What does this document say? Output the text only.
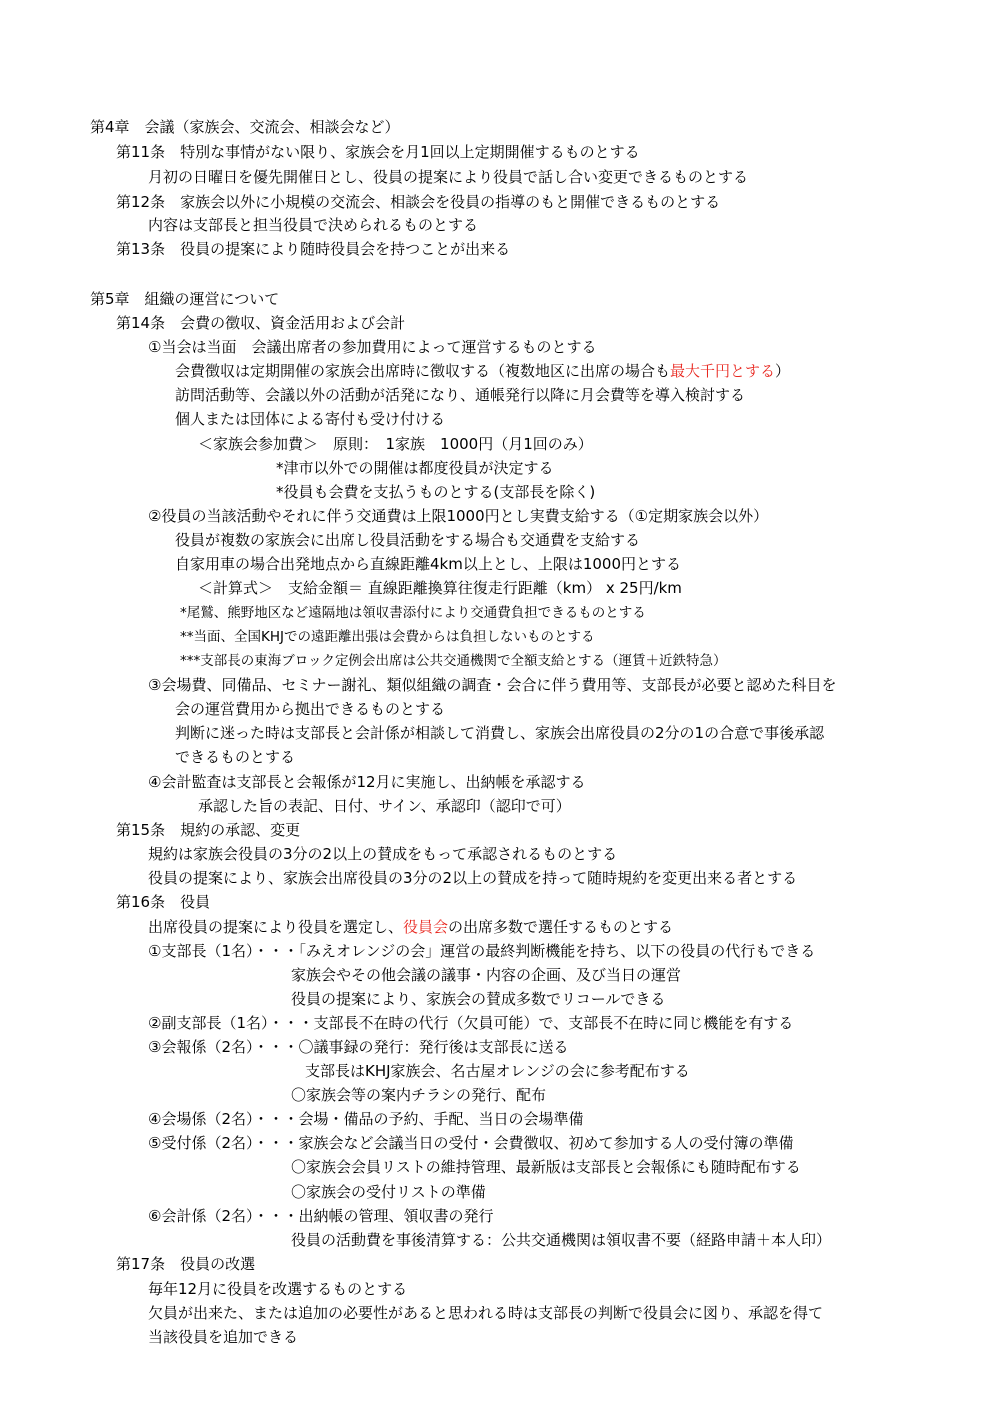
第4章　会議（家族会、交流会、相談会など）
第11条　特別な事情がない限り、家族会を月1回以上定期開催するものとする
月初の日曜日を優先開催日とし、役員の提案により役員で話し合い変更できるものとする
第12条　家族会以外に小規模の交流会、相談会を役員の指導のもと開催できるものとする
内容は支部長と担当役員で決められるものとする
第13条　役員の提案により随時役員会を持つことが出来る
第5章　組織の運営について
第14条　会費の徴収、資金活用および会計
①当会は当面　会議出席者の参加費用によって運営するものとする
会費徴収は定期開催の家族会出席時に徴収する（複数地区に出席の場合も最大千円とする）
訪問活動等、会議以外の活動が活発になり、通帳発行以降に月会費等を導入検討する
個人または団体による寄付も受け付ける
＜家族会参加費＞　原則：　1家族　1000円（月1回のみ）
*津市以外での開催は都度役員が決定する
*役員も会費を支払うものとする(支部長を除く)
②役員の当該活動やそれに伴う交通費は上限1000円とし実費支給する（①定期家族会以外）
役員が複数の家族会に出席し役員活動をする場合も交通費を支給する
自家用車の場合出発地点から直線距離4km以上とし、上限は1000円とする
＜計算式＞　支給金額＝ 直線距離換算往復走行距離（km） x 25円/km
*尾鷲、熊野地区など遠隔地は領収書添付により交通費負担できるものとする
**当面、全国KHJでの遠距離出張は会費からは負担しないものとする
***支部長の東海ブロック定例会出席は公共交通機関で全額支給とする（運賃＋近鉄特急）
③会場費、同備品、セミナー謝礼、類似組織の調査・会合に伴う費用等、支部長が必要と認めた科目を
会の運営費用から拠出できるものとする
判断に迷った時は支部長と会計係が相談して消費し、家族会出席役員の2分の1の合意で事後承認
できるものとする
④会計監査は支部長と会報係が12月に実施し、出納帳を承認する
承認した旨の表記、日付、サイン、承認印（認印で可）
第15条　規約の承認、変更
規約は家族会役員の3分の2以上の賛成をもって承認されるものとする
役員の提案により、家族会出席役員の3分の2以上の賛成を持って随時規約を変更出来る者とする
第16条　役員
出席役員の提案により役員を選定し、役員会の出席多数で選任するものとする
①支部長（1名）・・・「みえオレンジの会」運営の最終判断機能を持ち、以下の役員の代行もできる
家族会やその他会議の議事・内容の企画、及び当日の運営
役員の提案により、家族会の賛成多数でリコールできる
②副支部長（1名）・・・支部長不在時の代行（欠員可能）で、支部長不在時に同じ機能を有する
③会報係（2名）・・・〇議事録の発行：発行後は支部長に送る
支部長はKHJ家族会、名古屋オレンジの会に参考配布する
〇家族会等の案内チラシの発行、配布
④会場係（2名）・・・会場・備品の予約、手配、当日の会場準備
⑤受付係（2名）・・・家族会など会議当日の受付・会費徴収、初めて参加する人の受付簿の準備
〇家族会会員リストの維持管理、最新版は支部長と会報係にも随時配布する
〇家族会の受付リストの準備
⑥会計係（2名）・・・出納帳の管理、領収書の発行
役員の活動費を事後清算する：公共交通機関は領収書不要（経路申請＋本人印）
第17条　役員の改選
毎年12月に役員を改選するものとする
欠員が出来た、または追加の必要性があると思われる時は支部長の判断で役員会に図り、承認を得て
当該役員を追加できる
